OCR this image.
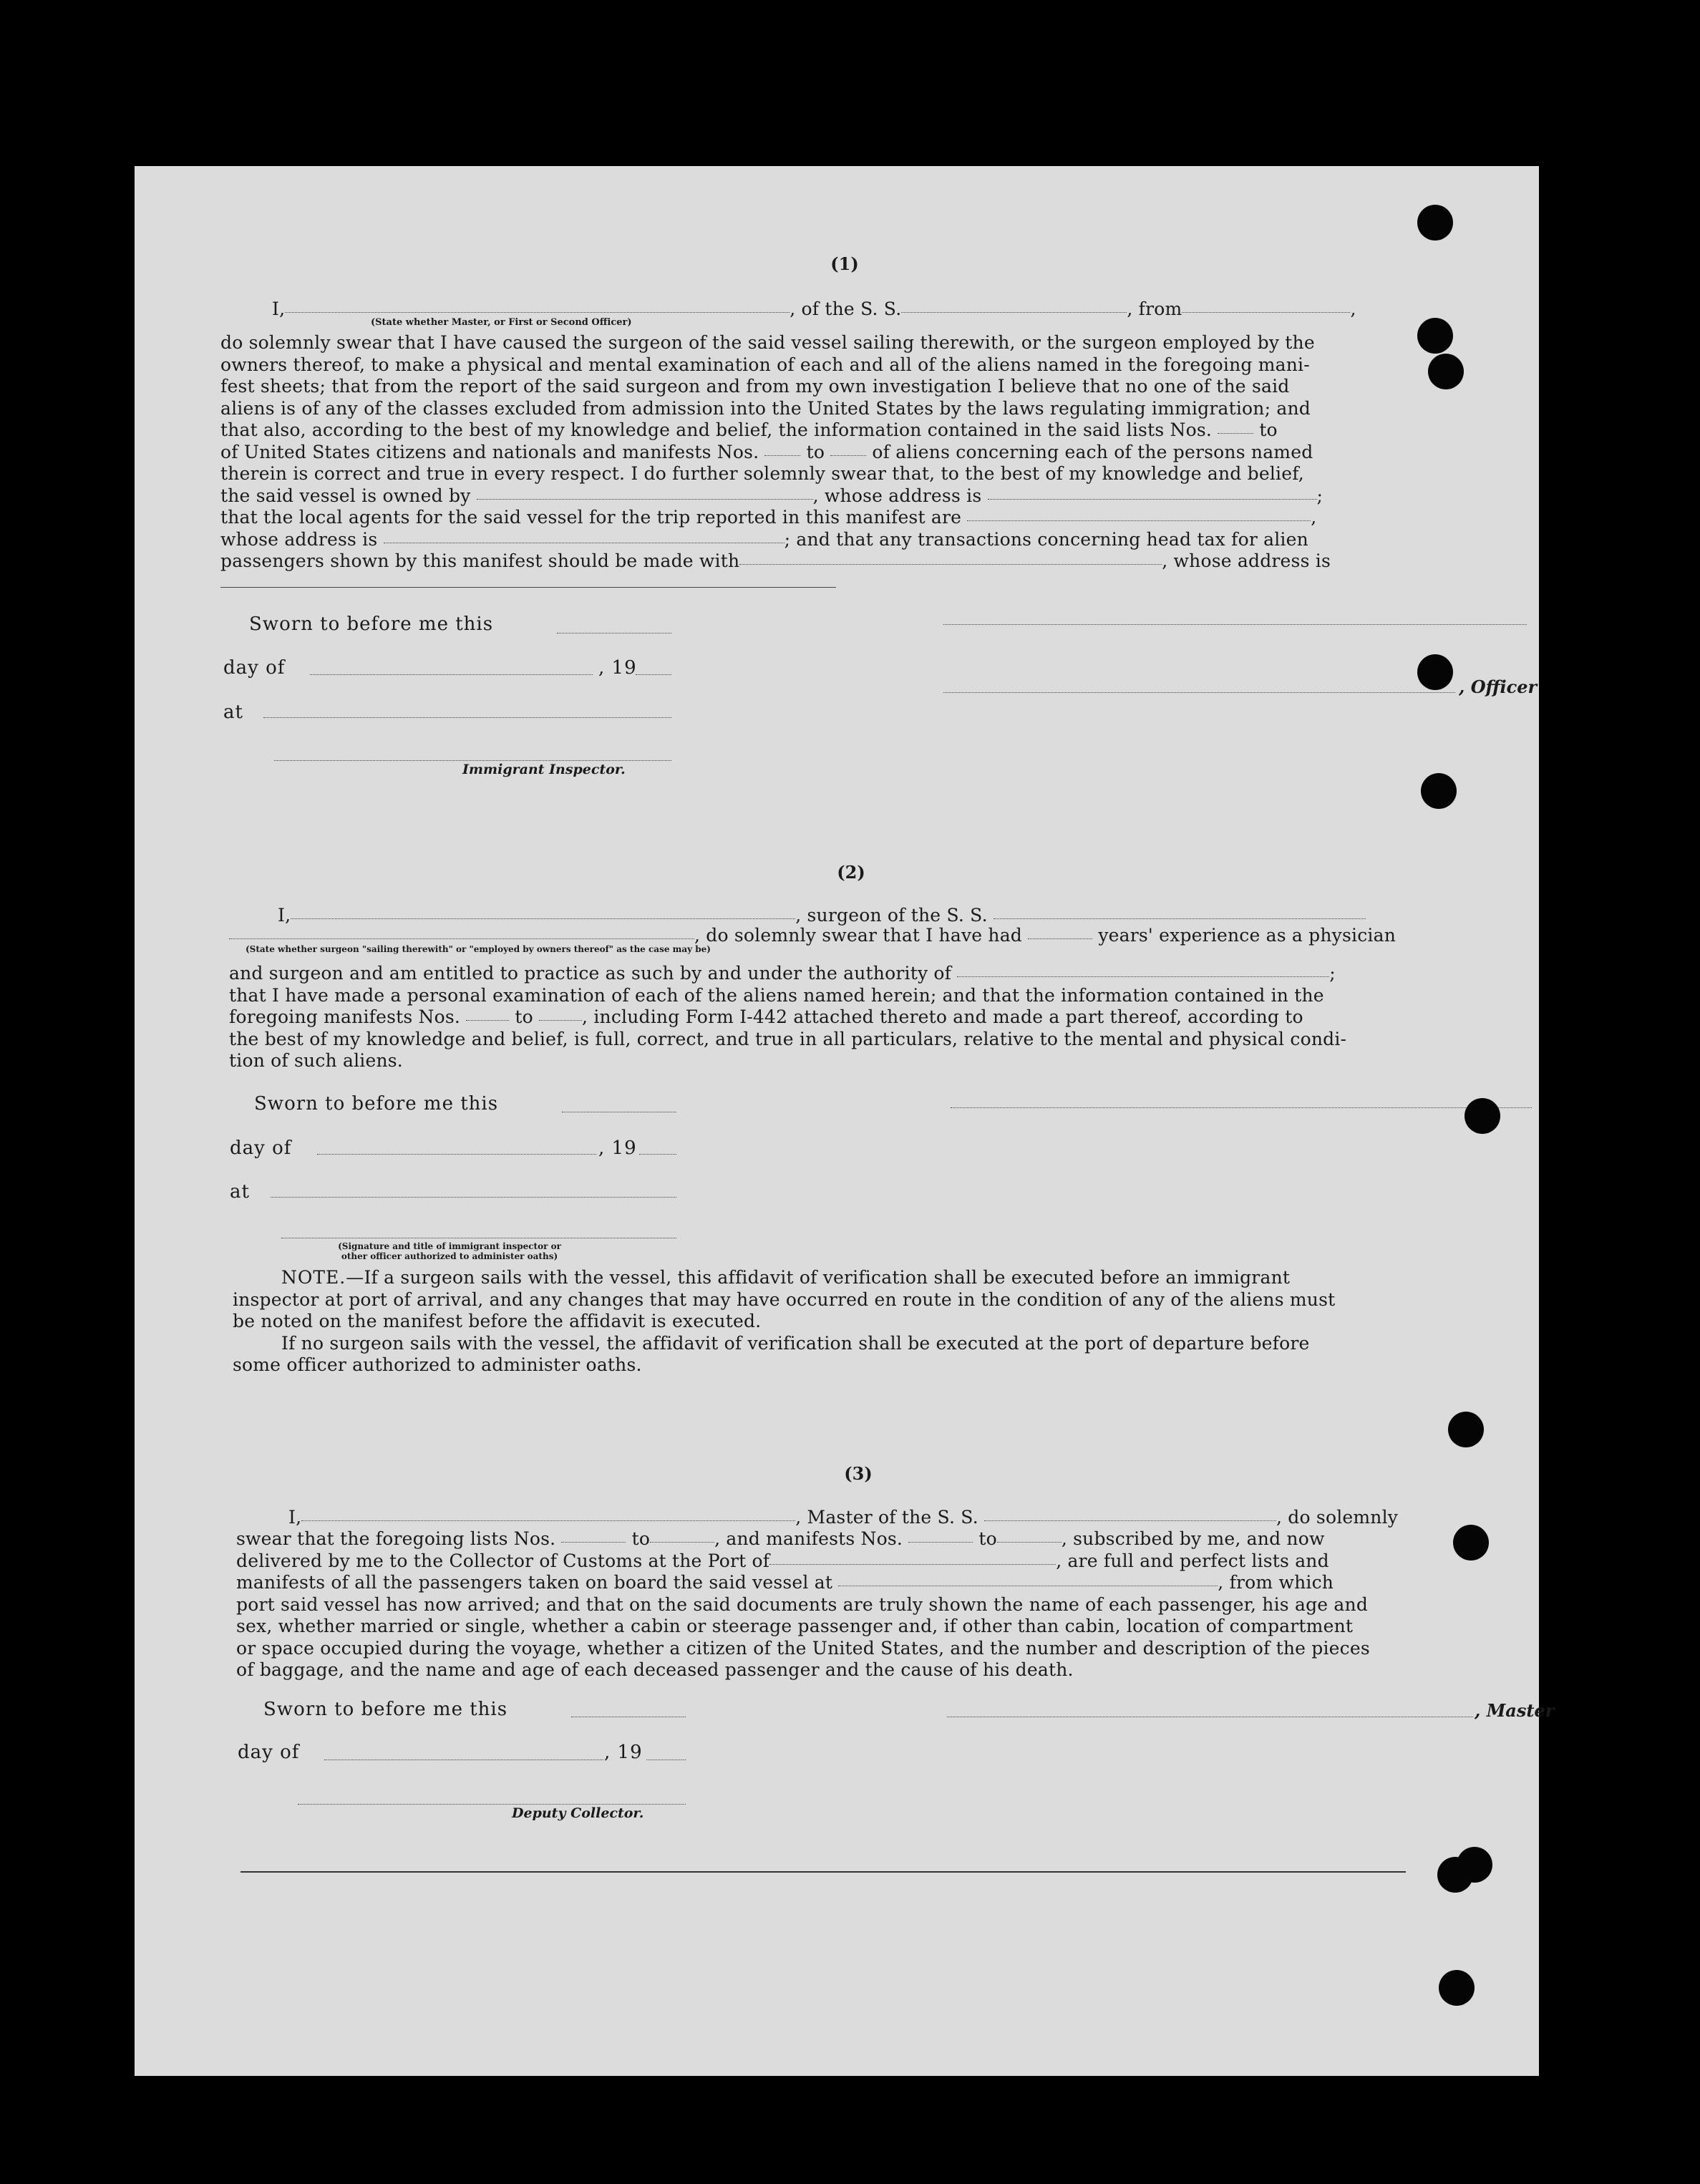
(1)
I,	, of the S. S.	, from	,
(State whether Master, or First or Second Officer)
do solemnly swear that I have caused the surgeon of the said vessel sailing therewith, or the surgeon employed by the
owners thereof, to make a physical and mental examination of each and all of the aliens named in the foregoing mani-
fest sheets; that from the report of the said surgeon and from my own investigation I believe that no one of the said
aliens is of any of the classes excluded from admission into the United States by the laws regulating immigration; and
that also, according to the best of my knowledge and belief, the information contained in the said lists Nos.	to
of United States citizens and nationals and manifests Nos.	to	of aliens concerning each of the persons named
therein is correct and true in every respect. I do further solemnly swear that, to the best of my knowledge and belief,
the said vessel is owned by	, whose address is	;
that the local agents for the said vessel for the trip reported in this manifest are	,
whose address is	; and that any transactions concerning head tax for alien
passengers shown by this manifest should be made with	, whose address is
Sworn to before me this
day of	, 19
, Officer
at
Immigrant Inspector.
(2)
I,	, surgeon of the S. S.
, do solemnly swear that I have had	years' experience as a physician
(State whether surgeon "sailing therewith" or "employed by owners thereof" as the case may be)
and surgeon and am entitled to practice as such by and under the authority of	;
that I have made a personal examination of each of the aliens named herein; and that the information contained in the
foregoing manifests Nos.	to	, including Form I-442 attached thereto and made a part thereof, according to
the best of my knowledge and belief, is full, correct, and true in all particulars, relative to the mental and physical condi-
tion of such aliens.
Sworn to before me this
day of	, 19
at
(Signature and title of immigrant inspector or
other officer authorized to administer oaths)
NOTE.—If a surgeon sails with the vessel, this affidavit of verification shall be executed before an immigrant
inspector at port of arrival, and any changes that may have occurred en route in the condition of any of the aliens must
be noted on the manifest before the affidavit is executed.
If no surgeon sails with the vessel, the affidavit of verification shall be executed at the port of departure before
some officer authorized to administer oaths.
(3)
I,	, Master of the S. S.	, do solemnly
swear that the foregoing lists Nos.	to	, and manifests Nos.	to	, subscribed by me, and now
delivered by me to the Collector of Customs at the Port of	, are full and perfect lists and
manifests of all the passengers taken on board the said vessel at	, from which
port said vessel has now arrived; and that on the said documents are truly shown the name of each passenger, his age and
sex, whether married or single, whether a cabin or steerage passenger and, if other than cabin, location of compartment
or space occupied during the voyage, whether a citizen of the United States, and the number and description of the pieces
of baggage, and the name and age of each deceased passenger and the cause of his death.
Sworn to before me this	, Master
day of	, 19
Deputy Collector.
